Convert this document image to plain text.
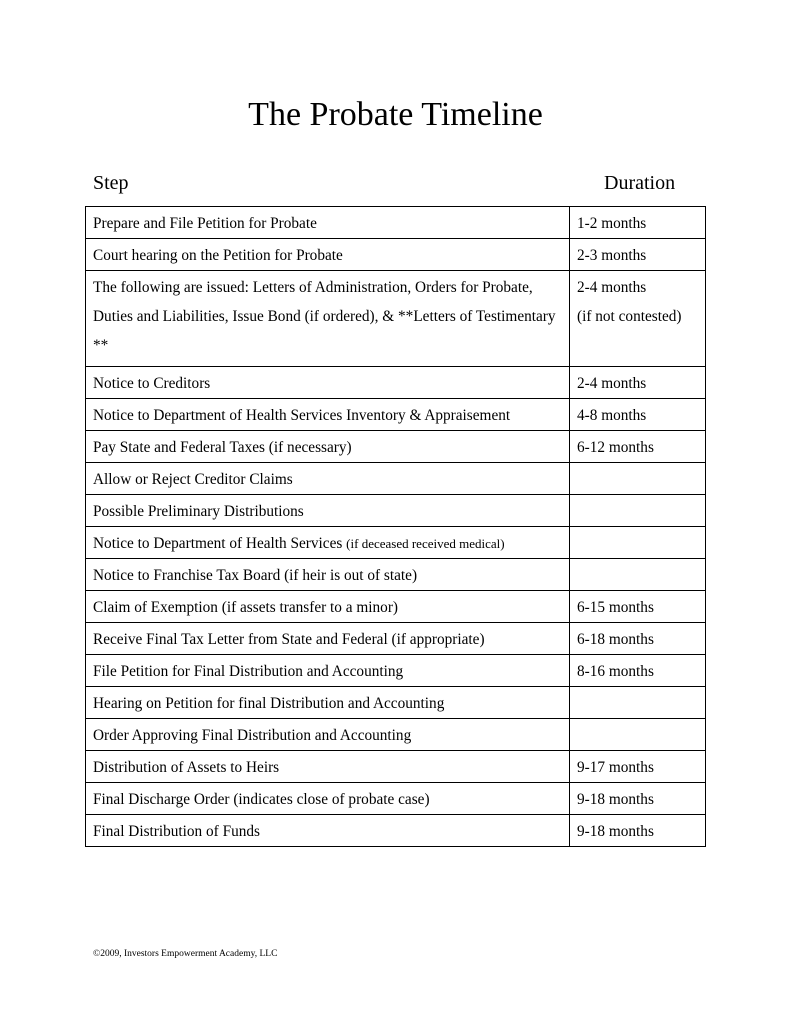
The Probate Timeline
Step	Duration
Prepare and File Petition for Probate	1-2 months
Court hearing on the Petition for Probate	2-3 months
The following are issued: Letters of Administration, Orders for Probate, Duties and Liabilities, Issue Bond (if ordered), & **Letters of Testimentary **	2-4 months
(if not contested)

Notice to Creditors	2-4 months
Notice to Department of Health Services Inventory & Appraisement	4-8 months
Pay State and Federal Taxes (if necessary)	6-12 months
Allow or Reject Creditor Claims	
Possible Preliminary Distributions	
Notice to Department of Health Services (if deceased received medical)	
Notice to Franchise Tax Board (if heir is out of state)	
Claim of Exemption (if assets transfer to a minor)	6-15 months
Receive Final Tax Letter from State and Federal (if appropriate)	6-18 months
File Petition for Final Distribution and Accounting	8-16 months
Hearing on Petition for final Distribution and Accounting	
Order Approving Final Distribution and Accounting	
Distribution of Assets to Heirs	9-17 months
Final Discharge Order (indicates close of probate case)	9-18 months
Final Distribution of Funds	9-18 months
©2009, Investors Empowerment Academy, LLC
